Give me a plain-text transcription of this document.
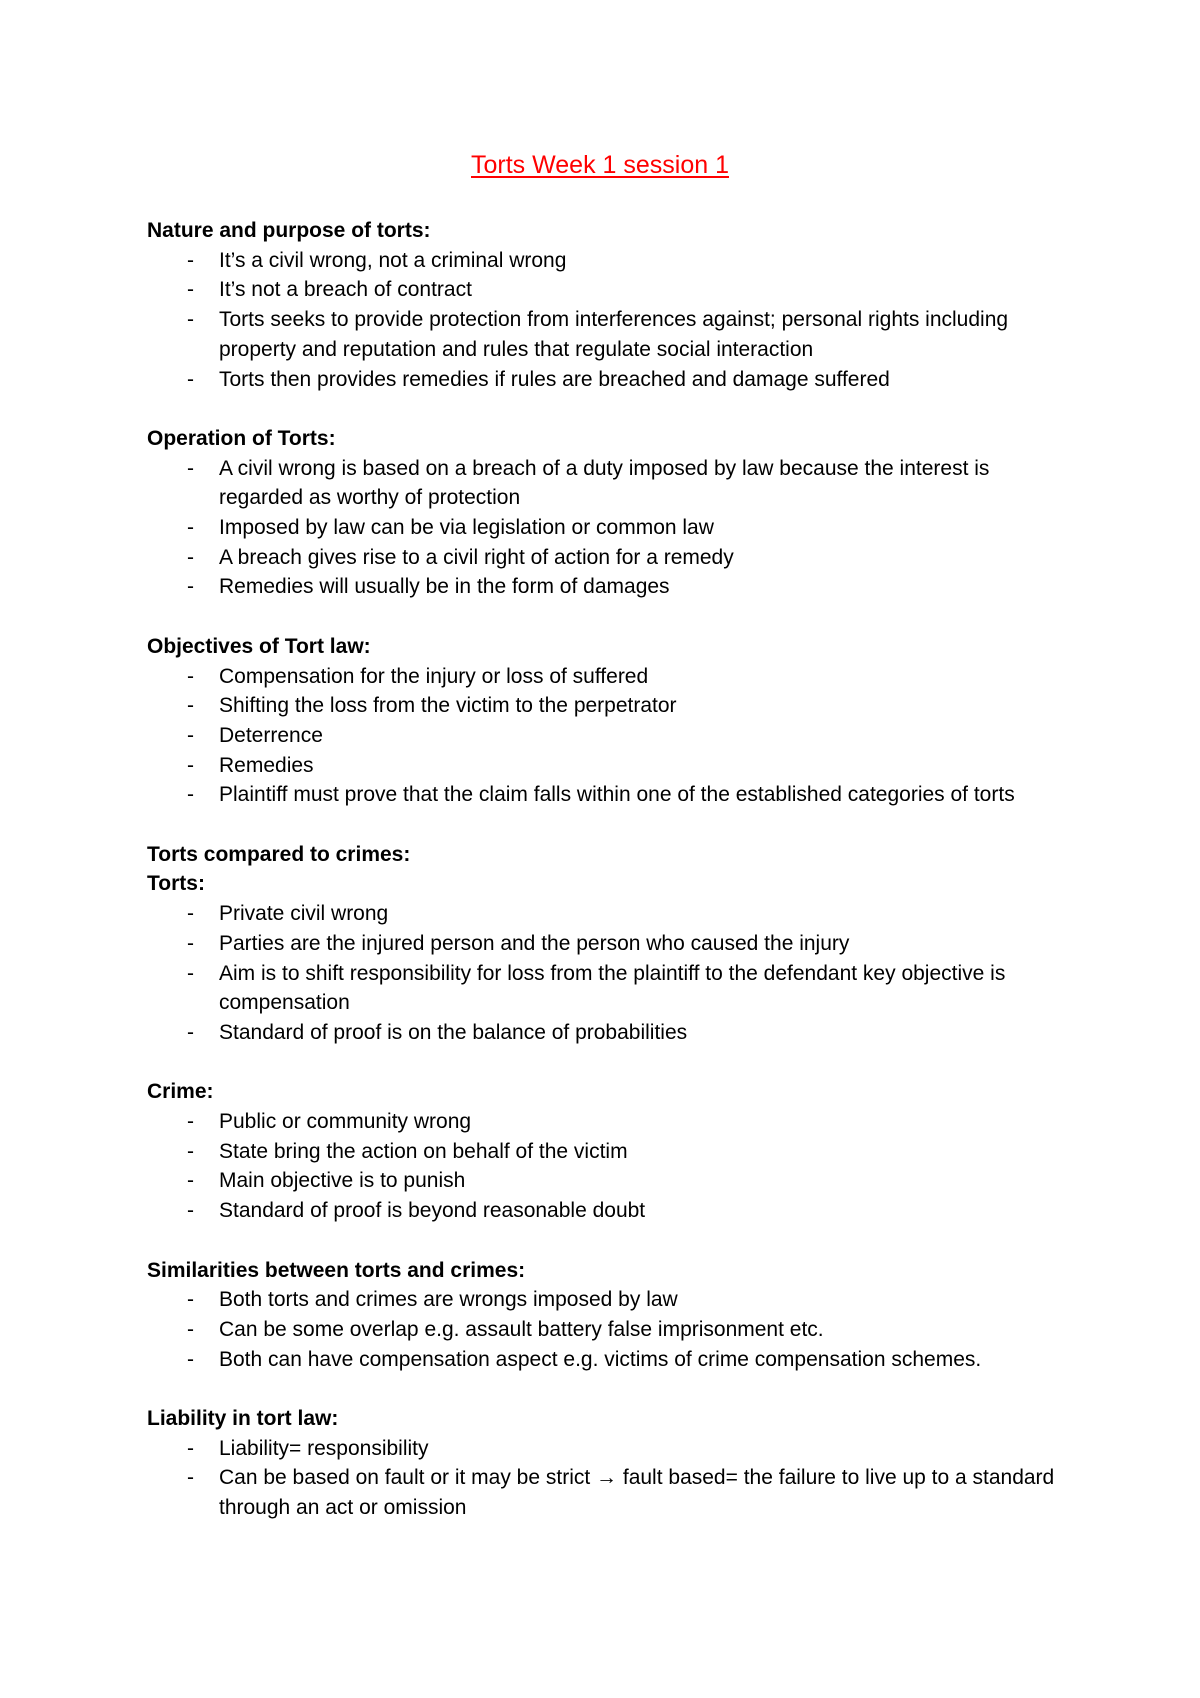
Torts Week 1 session 1
Nature and purpose of torts:
- It’s a civil wrong, not a criminal wrong
- It’s not a breach of contract
- Torts seeks to provide protection from interferences against; personal rights including property and reputation and rules that regulate social interaction
- Torts then provides remedies if rules are breached and damage suffered
Operation of Torts:
- A civil wrong is based on a breach of a duty imposed by law because the interest is regarded as worthy of protection
- Imposed by law can be via legislation or common law
- A breach gives rise to a civil right of action for a remedy
- Remedies will usually be in the form of damages
Objectives of Tort law:
- Compensation for the injury or loss of suffered
- Shifting the loss from the victim to the perpetrator
- Deterrence
- Remedies
- Plaintiff must prove that the claim falls within one of the established categories of torts
Torts compared to crimes:
Torts:
- Private civil wrong
- Parties are the injured person and the person who caused the injury
- Aim is to shift responsibility for loss from the plaintiff to the defendant key objective is compensation
- Standard of proof is on the balance of probabilities
Crime:
- Public or community wrong
- State bring the action on behalf of the victim
- Main objective is to punish
- Standard of proof is beyond reasonable doubt
Similarities between torts and crimes:
- Both torts and crimes are wrongs imposed by law
- Can be some overlap e.g. assault battery false imprisonment etc.
- Both can have compensation aspect e.g. victims of crime compensation schemes.
Liability in tort law:
- Liability= responsibility
- Can be based on fault or it may be strict → fault based= the failure to live up to a standard through an act or omission
